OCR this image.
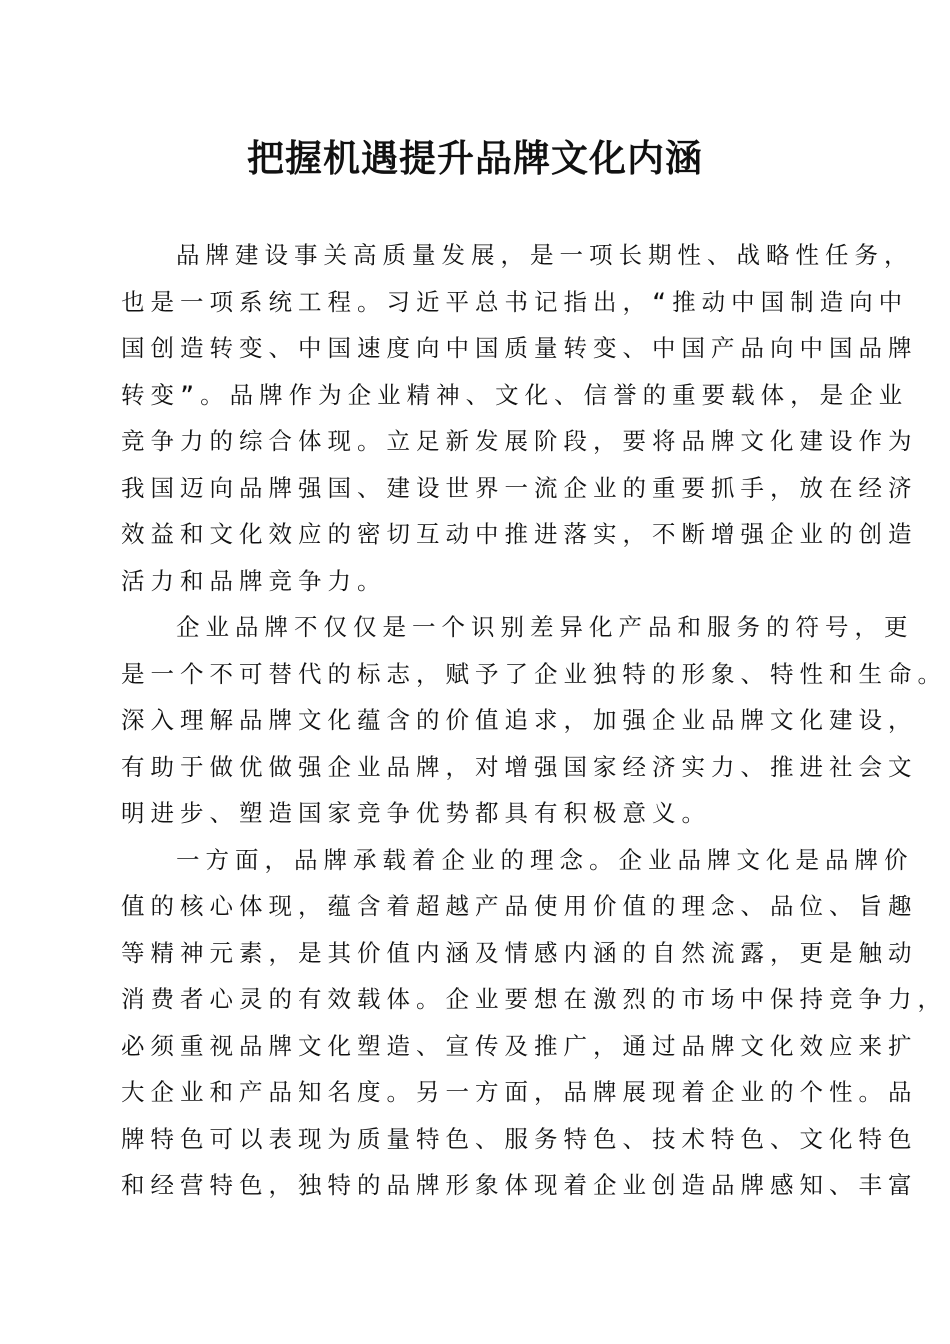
把握机遇提升品牌文化内涵
品牌建设事关高质量发展，是一项长期性、战略性任务，
也是一项系统工程。习近平总书记指出，“推动中国制造向中
国创造转变、中国速度向中国质量转变、中国产品向中国品牌
转变”。品牌作为企业精神、文化、信誉的重要载体，是企业
竞争力的综合体现。立足新发展阶段，要将品牌文化建设作为
我国迈向品牌强国、建设世界一流企业的重要抓手，放在经济
效益和文化效应的密切互动中推进落实，不断增强企业的创造
活力和品牌竞争力。
企业品牌不仅仅是一个识别差异化产品和服务的符号，更
是一个不可替代的标志，赋予了企业独特的形象、特性和生命。
深入理解品牌文化蕴含的价值追求，加强企业品牌文化建设，
有助于做优做强企业品牌，对增强国家经济实力、推进社会文
明进步、塑造国家竞争优势都具有积极意义。
一方面，品牌承载着企业的理念。企业品牌文化是品牌价
值的核心体现，蕴含着超越产品使用价值的理念、品位、旨趣
等精神元素，是其价值内涵及情感内涵的自然流露，更是触动
消费者心灵的有效载体。企业要想在激烈的市场中保持竞争力，
必须重视品牌文化塑造、宣传及推广，通过品牌文化效应来扩
大企业和产品知名度。另一方面，品牌展现着企业的个性。品
牌特色可以表现为质量特色、服务特色、技术特色、文化特色
和经营特色，独特的品牌形象体现着企业创造品牌感知、丰富
